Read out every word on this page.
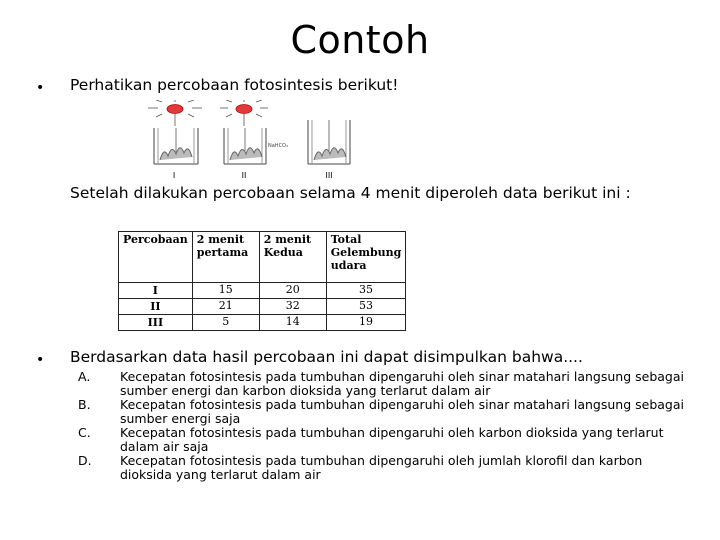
Contoh
• Perhatikan percobaan fotosintesis berikut!
NaHCO₃
I	II	III
Setelah dilakukan percobaan selama 4 menit diperoleh data berikut ini :
Percobaan	2 menit pertama	2 menit Kedua	Total Gelembung udara
I	15	20	35
II	21	32	53
III	5	14	19
• Berdasarkan data hasil percobaan ini dapat disimpulkan bahwa....
A.	Kecepatan fotosintesis pada tumbuhan dipengaruhi oleh sinar matahari langsung sebagai sumber energi dan karbon dioksida yang terlarut dalam air
B.	Kecepatan fotosintesis pada tumbuhan dipengaruhi oleh sinar matahari langsung sebagai sumber energi saja
C.	Kecepatan fotosintesis pada tumbuhan dipengaruhi oleh karbon dioksida yang terlarut dalam air saja
D.	Kecepatan fotosintesis pada tumbuhan dipengaruhi oleh jumlah klorofil dan karbon dioksida yang terlarut dalam air
